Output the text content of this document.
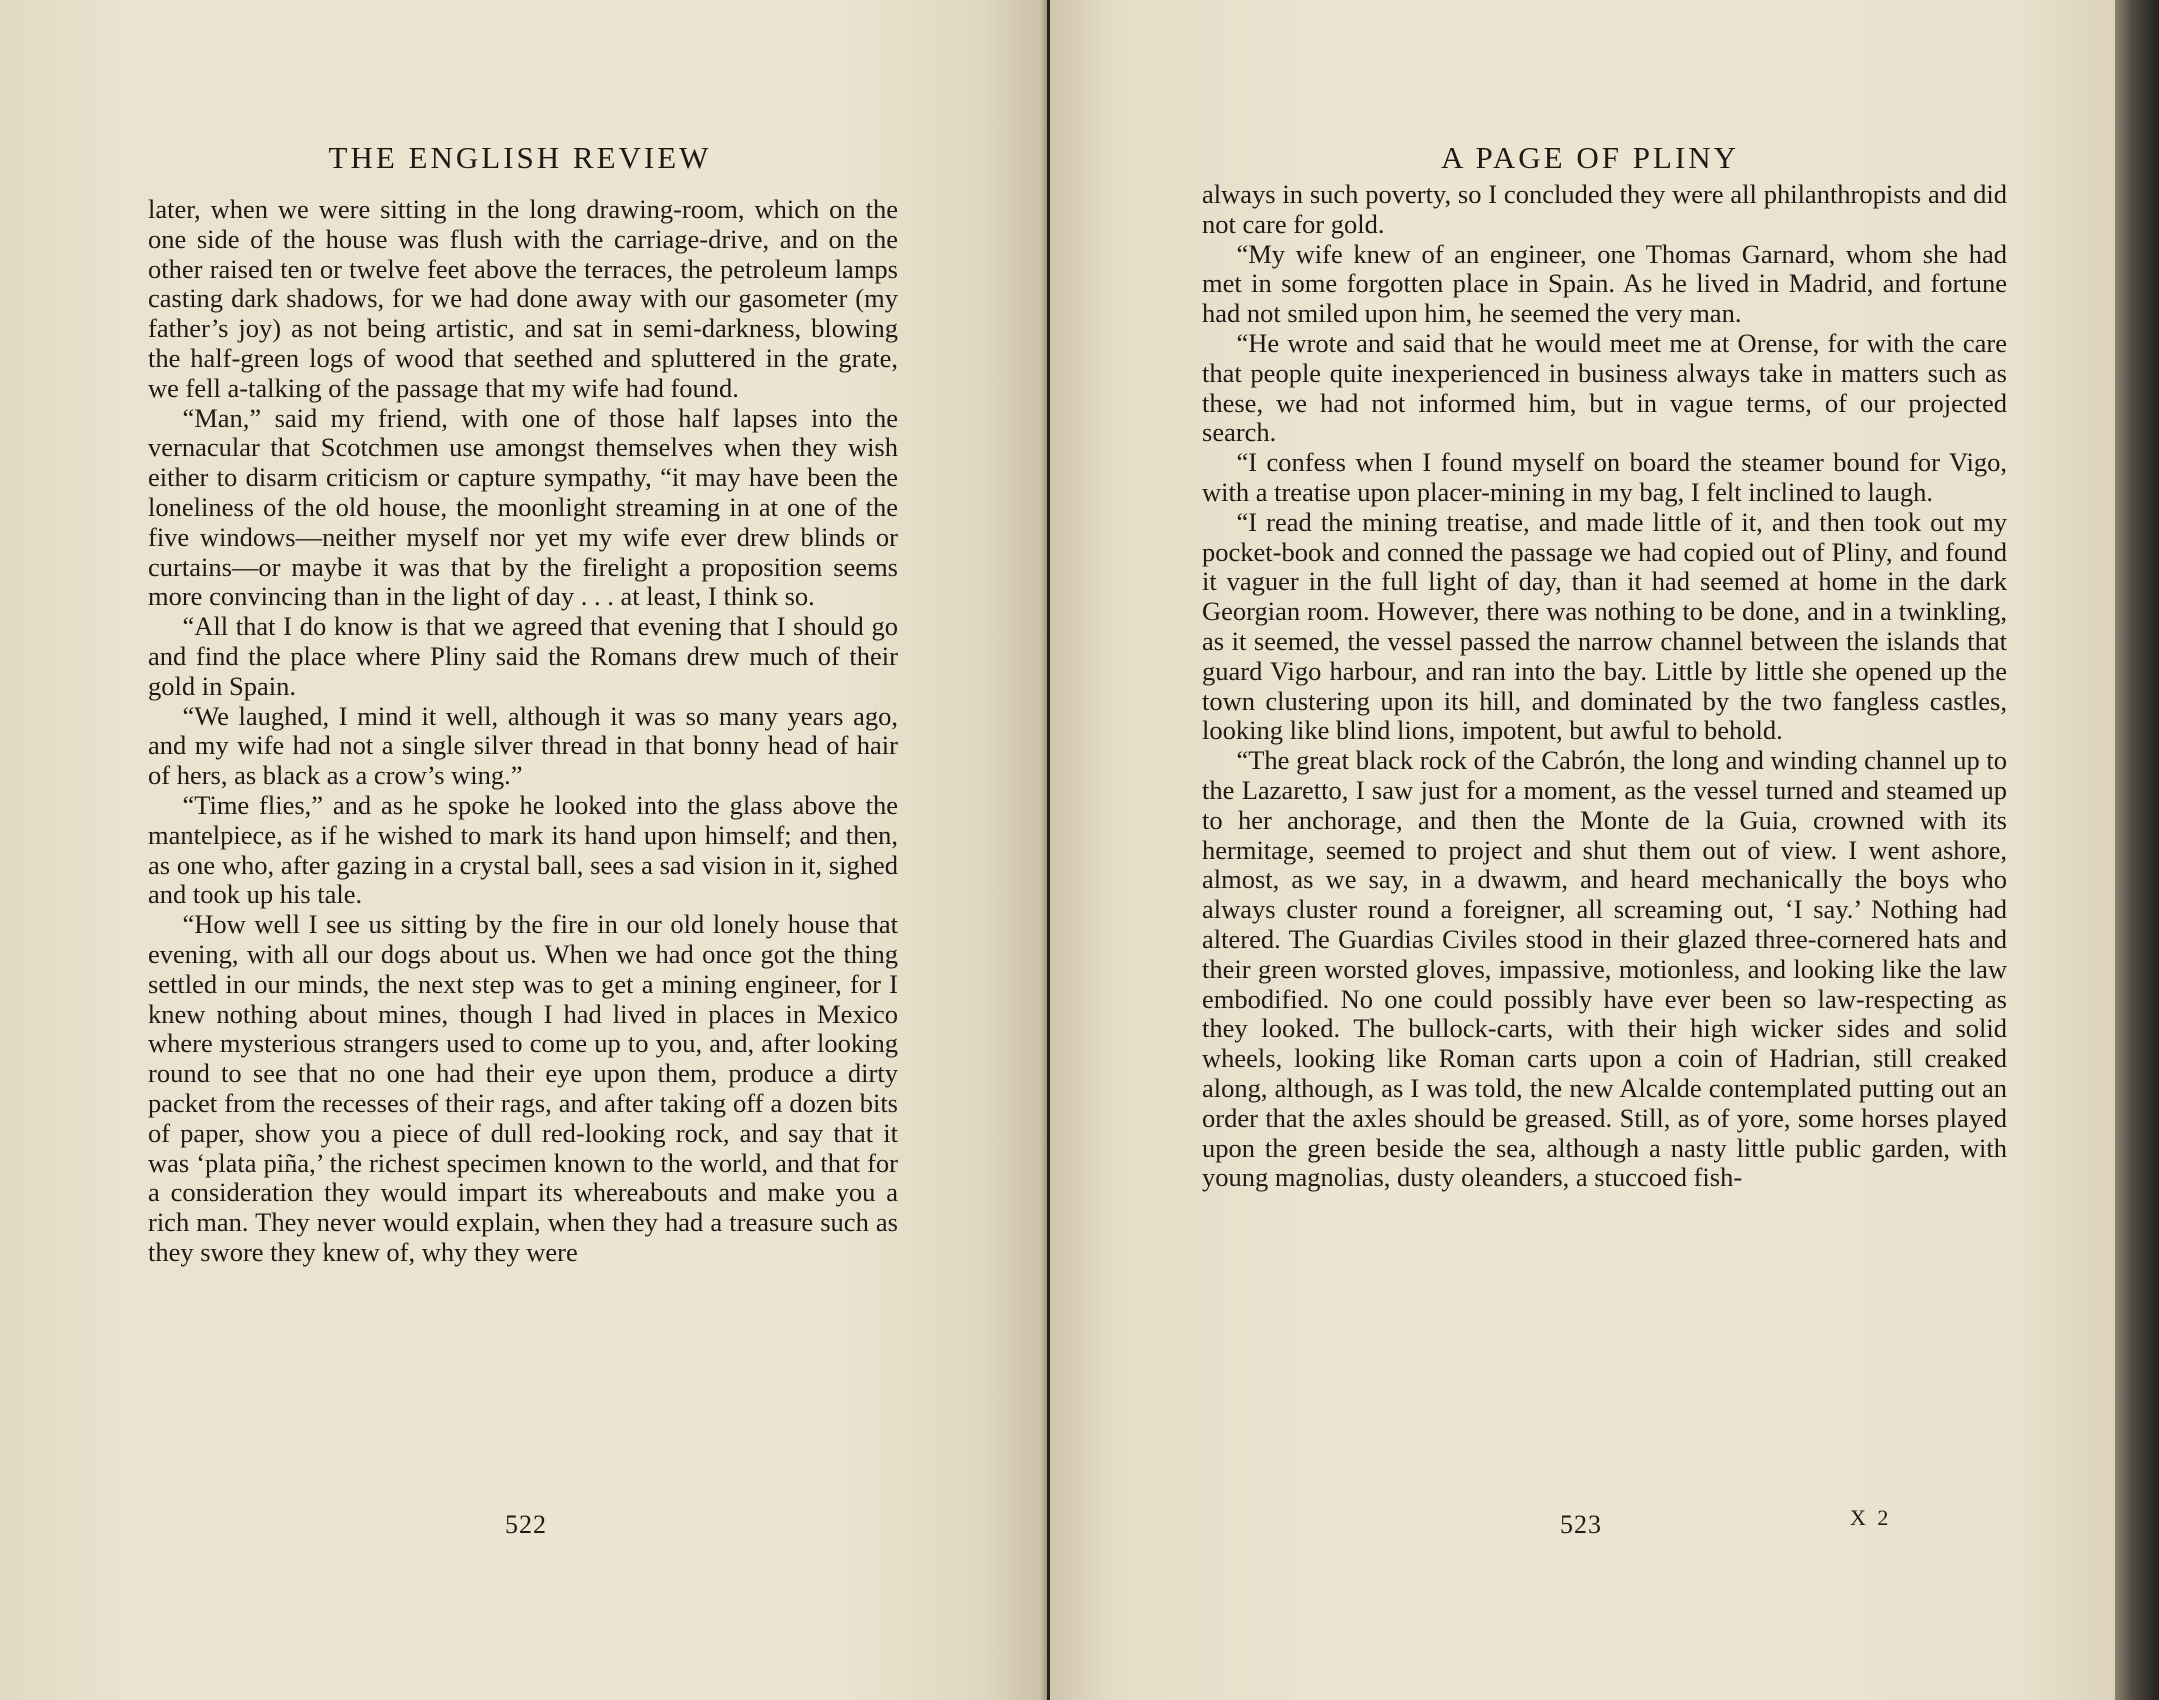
THE ENGLISH REVIEW

later, when we were sitting in the long drawing-room, which on the one side of the house was flush with the carriage-drive, and on the other raised ten or twelve feet above the terraces, the petroleum lamps casting dark shadows, for we had done away with our gasometer (my father’s joy) as not being artistic, and sat in semi-darkness, blowing the half-green logs of wood that seethed and spluttered in the grate, we fell a-talking of the passage that my wife had found.

“Man,” said my friend, with one of those half lapses into the vernacular that Scotchmen use amongst themselves when they wish either to disarm criticism or capture sympathy, “it may have been the loneliness of the old house, the moonlight streaming in at one of the five windows—neither myself nor yet my wife ever drew blinds or curtains—or maybe it was that by the firelight a proposition seems more convincing than in the light of day . . . at least, I think so.

“All that I do know is that we agreed that evening that I should go and find the place where Pliny said the Romans drew much of their gold in Spain.

“We laughed, I mind it well, although it was so many years ago, and my wife had not a single silver thread in that bonny head of hair of hers, as black as a crow’s wing.”

“Time flies,” and as he spoke he looked into the glass above the mantelpiece, as if he wished to mark its hand upon himself; and then, as one who, after gazing in a crystal ball, sees a sad vision in it, sighed and took up his tale.

“How well I see us sitting by the fire in our old lonely house that evening, with all our dogs about us. When we had once got the thing settled in our minds, the next step was to get a mining engineer, for I knew nothing about mines, though I had lived in places in Mexico where mysterious strangers used to come up to you, and, after looking round to see that no one had their eye upon them, produce a dirty packet from the recesses of their rags, and after taking off a dozen bits of paper, show you a piece of dull red-looking rock, and say that it was ‘plata piña,’ the richest specimen known to the world, and that for a consideration they would impart its whereabouts and make you a rich man. They never would explain, when they had a treasure such as they swore they knew of, why they were

522
A PAGE OF PLINY

always in such poverty, so I concluded they were all philanthropists and did not care for gold.

“My wife knew of an engineer, one Thomas Garnard, whom she had met in some forgotten place in Spain. As he lived in Madrid, and fortune had not smiled upon him, he seemed the very man.

“He wrote and said that he would meet me at Orense, for with the care that people quite inexperienced in business always take in matters such as these, we had not informed him, but in vague terms, of our projected search.

“I confess when I found myself on board the steamer bound for Vigo, with a treatise upon placer-mining in my bag, I felt inclined to laugh.

“I read the mining treatise, and made little of it, and then took out my pocket-book and conned the passage we had copied out of Pliny, and found it vaguer in the full light of day, than it had seemed at home in the dark Georgian room. However, there was nothing to be done, and in a twinkling, as it seemed, the vessel passed the narrow channel between the islands that guard Vigo harbour, and ran into the bay. Little by little she opened up the town clustering upon its hill, and dominated by the two fangless castles, looking like blind lions, impotent, but awful to behold.

“The great black rock of the Cabrón, the long and winding channel up to the Lazaretto, I saw just for a moment, as the vessel turned and steamed up to her anchorage, and then the Monte de la Guia, crowned with its hermitage, seemed to project and shut them out of view. I went ashore, almost, as we say, in a dwawm, and heard mechanically the boys who always cluster round a foreigner, all screaming out, ‘I say.’ Nothing had altered. The Guardias Civiles stood in their glazed three-cornered hats and their green worsted gloves, impassive, motionless, and looking like the law embodified. No one could possibly have ever been so law-respecting as they looked. The bullock-carts, with their high wicker sides and solid wheels, looking like Roman carts upon a coin of Hadrian, still creaked along, although, as I was told, the new Alcalde contemplated putting out an order that the axles should be greased. Still, as of yore, some horses played upon the green beside the sea, although a nasty little public garden, with young magnolias, dusty oleanders, a stuccoed fish-

523	X 2
